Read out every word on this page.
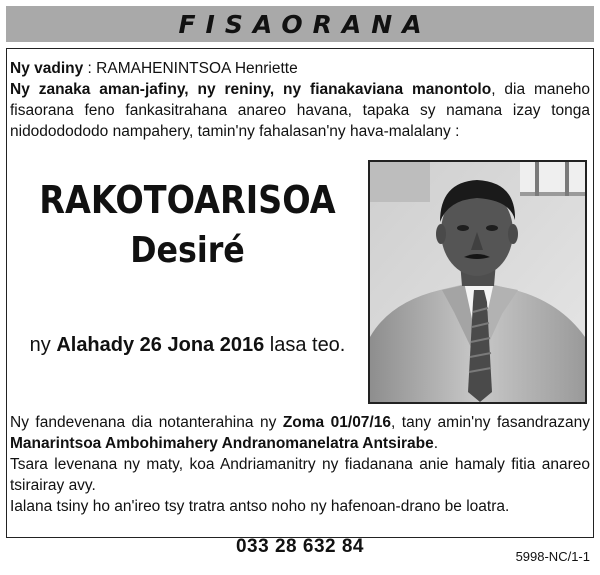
FISAORANA

Ny vadiny : RAMAHENINTSOA Henriette

Ny zanaka aman-jafiny, ny reniny, ny fianakaviana manontolo, dia maneho fisaorana feno fankasitrahana anareo havana, tapaka sy namana izay tonga nidododododo nampahery, tamin'ny fahalasan'ny hava-malalany :

RAKOTOARISOA
Desiré
ny Alahady 26 Jona 2016 lasa teo.

Ny fandevenana dia notanterahina ny Zoma 01/07/16, tany amin'ny fasandrazany Manarintsoa Ambohimahery Andranomanelatra Antsirabe.

Tsara levenana ny maty, koa Andriamanitry ny fiadanana anie hamaly fitia anareo tsirairay avy.

Ialana tsiny ho an'ireo tsy tratra antso noho ny hafenoan-drano be loatra.

033 28 632 84	5998-NC/1-1
